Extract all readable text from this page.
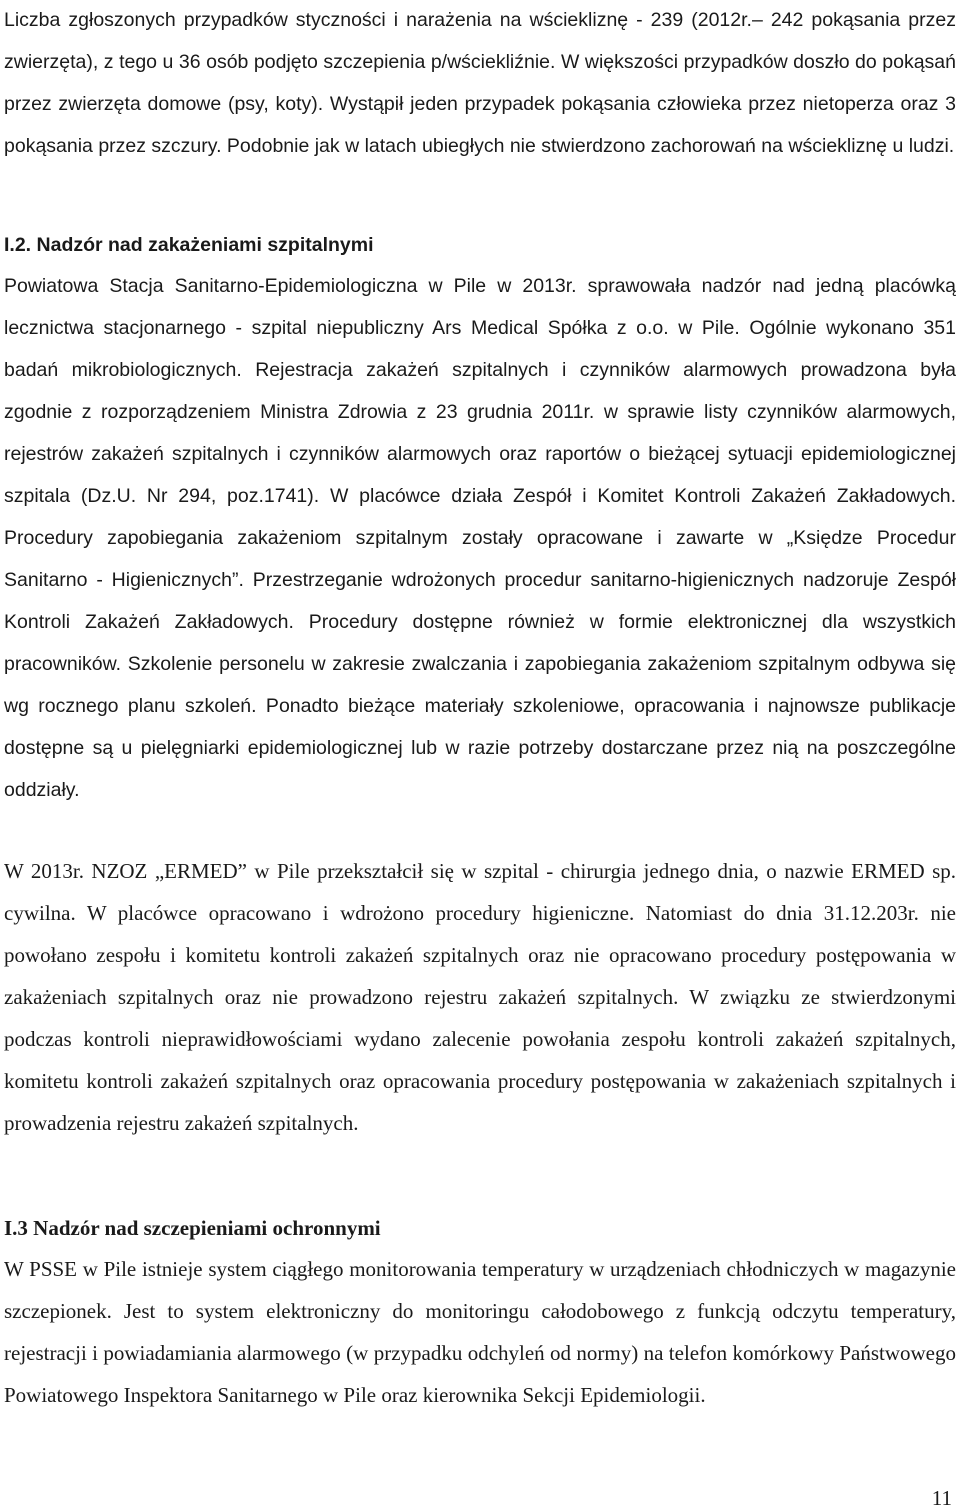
Liczba zgłoszonych przypadków styczności i narażenia na wściekliznę - 239 (2012r.– 242 pokąsania przez zwierzęta), z tego u 36 osób podjęto szczepienia p/wściekliźnie. W większości przypadków doszło do pokąsań przez zwierzęta domowe (psy, koty). Wystąpił jeden przypadek pokąsania człowieka przez nietoperza oraz 3 pokąsania przez szczury. Podobnie jak w latach ubiegłych nie stwierdzono zachorowań na wściekliznę u ludzi.

I.2. Nadzór nad zakażeniami szpitalnymi

Powiatowa Stacja Sanitarno-Epidemiologiczna w Pile w 2013r. sprawowała nadzór nad jedną placówką lecznictwa stacjonarnego - szpital niepubliczny Ars Medical Spółka z o.o. w Pile. Ogólnie wykonano 351 badań mikrobiologicznych. Rejestracja zakażeń szpitalnych i czynników alarmowych prowadzona była zgodnie z rozporządzeniem Ministra Zdrowia z 23 grudnia 2011r. w sprawie listy czynników alarmowych, rejestrów zakażeń szpitalnych i czynników alarmowych oraz raportów o bieżącej sytuacji epidemiologicznej szpitala (Dz.U. Nr 294, poz.1741). W placówce działa Zespół i Komitet Kontroli Zakażeń Zakładowych. Procedury zapobiegania zakażeniom szpitalnym zostały opracowane i zawarte w „Księdze Procedur Sanitarno - Higienicznych”. Przestrzeganie wdrożonych procedur sanitarno-higienicznych nadzoruje Zespół Kontroli Zakażeń Zakładowych. Procedury dostępne również w formie elektronicznej dla wszystkich pracowników. Szkolenie personelu w zakresie zwalczania i zapobiegania zakażeniom szpitalnym odbywa się wg rocznego planu szkoleń. Ponadto bieżące materiały szkoleniowe, opracowania i najnowsze publikacje dostępne są u pielęgniarki epidemiologicznej lub w razie potrzeby dostarczane przez nią na poszczególne oddziały.

W 2013r. NZOZ „ERMED” w Pile przekształcił się w szpital - chirurgia jednego dnia, o nazwie ERMED sp. cywilna. W placówce opracowano i wdrożono procedury higieniczne. Natomiast do dnia 31.12.203r. nie powołano zespołu i komitetu kontroli zakażeń szpitalnych oraz nie opracowano procedury postępowania w zakażeniach szpitalnych oraz nie prowadzono rejestru zakażeń szpitalnych. W związku ze stwierdzonymi podczas kontroli nieprawidłowościami wydano zalecenie powołania zespołu kontroli zakażeń szpitalnych, komitetu kontroli zakażeń szpitalnych oraz opracowania procedury postępowania w zakażeniach szpitalnych i prowadzenia rejestru zakażeń szpitalnych.

I.3 Nadzór nad szczepieniami ochronnymi

W PSSE w Pile istnieje system ciągłego monitorowania temperatury w urządzeniach chłodniczych w magazynie szczepionek. Jest to system elektroniczny do monitoringu całodobowego z funkcją odczytu temperatury, rejestracji i powiadamiania alarmowego (w przypadku odchyleń od normy) na telefon komórkowy Państwowego Powiatowego Inspektora Sanitarnego w Pile oraz kierownika Sekcji Epidemiologii.

11
